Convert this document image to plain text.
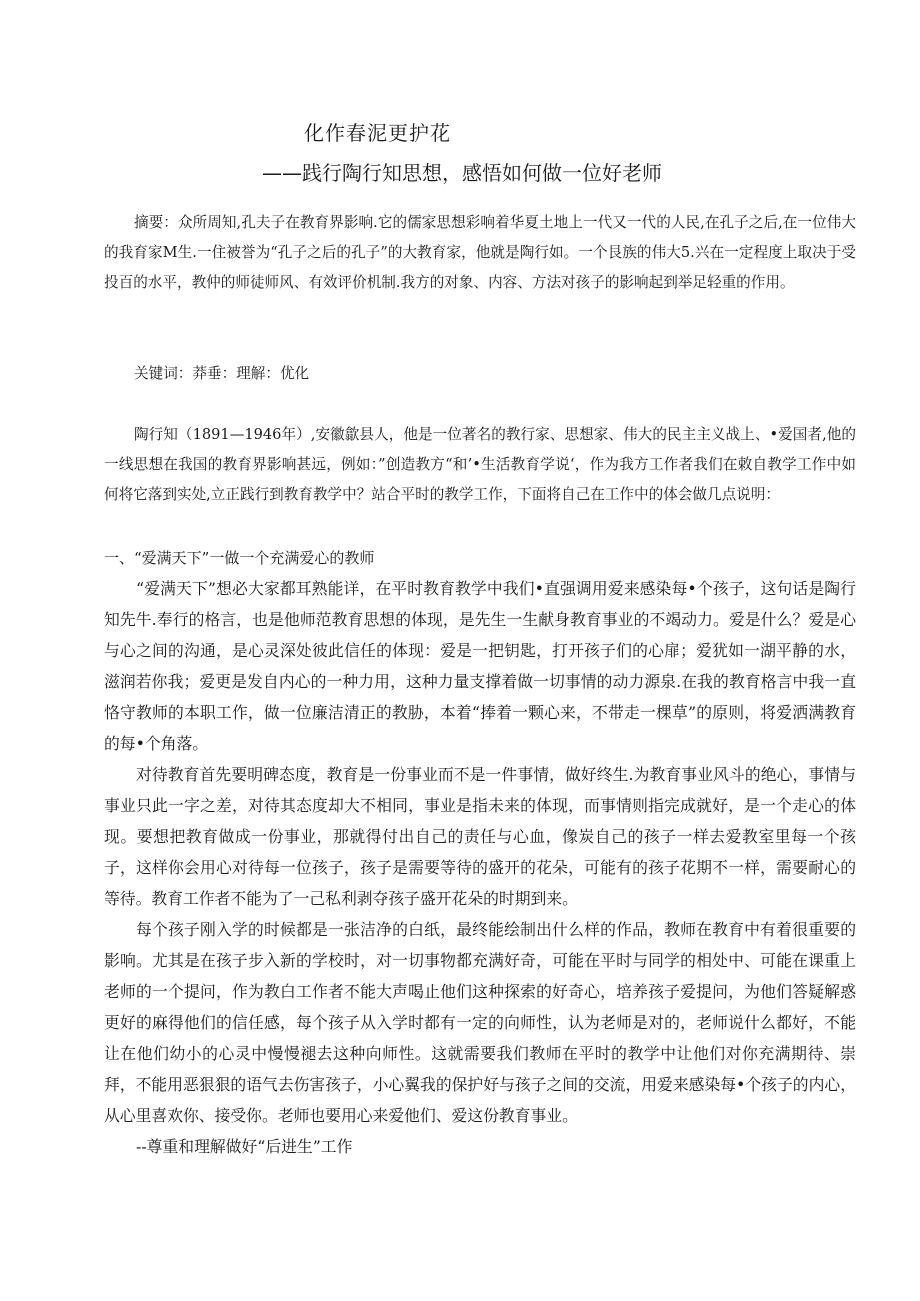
化作春泥更护花
——践行陶行知思想，感悟如何做一位好老师

摘要：众所周知,孔夫子在教育界影响.它的儒家思想彩响着华夏土地上一代又一代的人民,在孔子之后,在一位伟大的我育家M生.一住被誉为“孔子之后的孔子”的大教育家，他就是陶行如。一个艮族的伟大5.兴在一定程度上取决于受投百的水平，教仲的师徒师风、有效评价机制.我方的对象、内容、方法对孩子的影响起到举足轻重的作用。

关键词：莽垂：理解：优化

陶行知（1891—1946年）,安徽歙县人，他是一位著名的教行家、思想家、伟大的民主主义战上、•爱国者,他的一线思想在我国的教育界影响甚远，例如：”创造教方“和’•生活教育学说‘，作为我方工作者我们在敕自教学工作中如何将它落到实处,立正践行到教育教学中？站合平时的教学工作，下面将自己在工作中的体会做几点说明：

一、“爱满天下”一做一个充满爱心的教师

“爱满天下”想必大家都耳熟能详，在平时教育教学中我们•直强调用爱来感染每•个孩子，这句话是陶行知先牛.奉行的格言，也是他师范教育思想的体现，是先生一生献身教育事业的不竭动力。爱是什么？爱是心与心之间的沟通，是心灵深处彼此信任的体现：爱是一把钥匙，打开孩子们的心扉；爱犹如一湖平静的水，滋润若你我；爱更是发自内心的一种力用，这种力量支撑着做一切事情的动力源泉.在我的教育格言中我一直恪守教师的本职工作，做一位廉洁清正的教胁，本着“捧着一颗心来，不带走一棵草”的原则，将爱洒满教育的每•个角落。

对待教育首先要明碑态度，教育是一份事业而不是一件事情，做好终生.为教育事业风斗的绝心，事情与事业只此一字之差，对待其态度却大不相同，事业是指未来的体现，而事情则指完成就好，是一个走心的体现。要想把教育做成一份事业，那就得付出自己的责任与心血，像炭自己的孩子一样去爱教室里每一个孩子，这样你会用心对待每一位孩子，孩子是需要等待的盛开的花朵，可能有的孩子花期不一样，需要耐心的等待。教育工作者不能为了一己私利剥夺孩子盛开花朵的时期到来。

每个孩子刚入学的时候都是一张洁净的白纸，最终能绘制出什么样的作品，教师在教育中有着很重要的影响。尤其是在孩子步入新的学校时，对一切事物都充满好奇，可能在平时与同学的相处中、可能在课重上老师的一个提问，作为教白工作者不能大声喝止他们这种探索的好奇心，培养孩子爱提问，为他们答疑解惑更好的麻得他们的信任感，每个孩子从入学时都有一定的向师性，认为老师是对的，老师说什么都好，不能让在他们幼小的心灵中慢慢褪去这种向师性。这就需要我们教师在平时的教学中让他们对你充满期待、崇拜，不能用恶狠狠的语气去伤害孩子，小心翼我的保护好与孩子之间的交流，用爱来感染每•个孩子的内心，从心里喜欢你、接受你。老师也要用心来爱他们、爱这份教育事业。

--尊重和理解做好“后进生”工作
